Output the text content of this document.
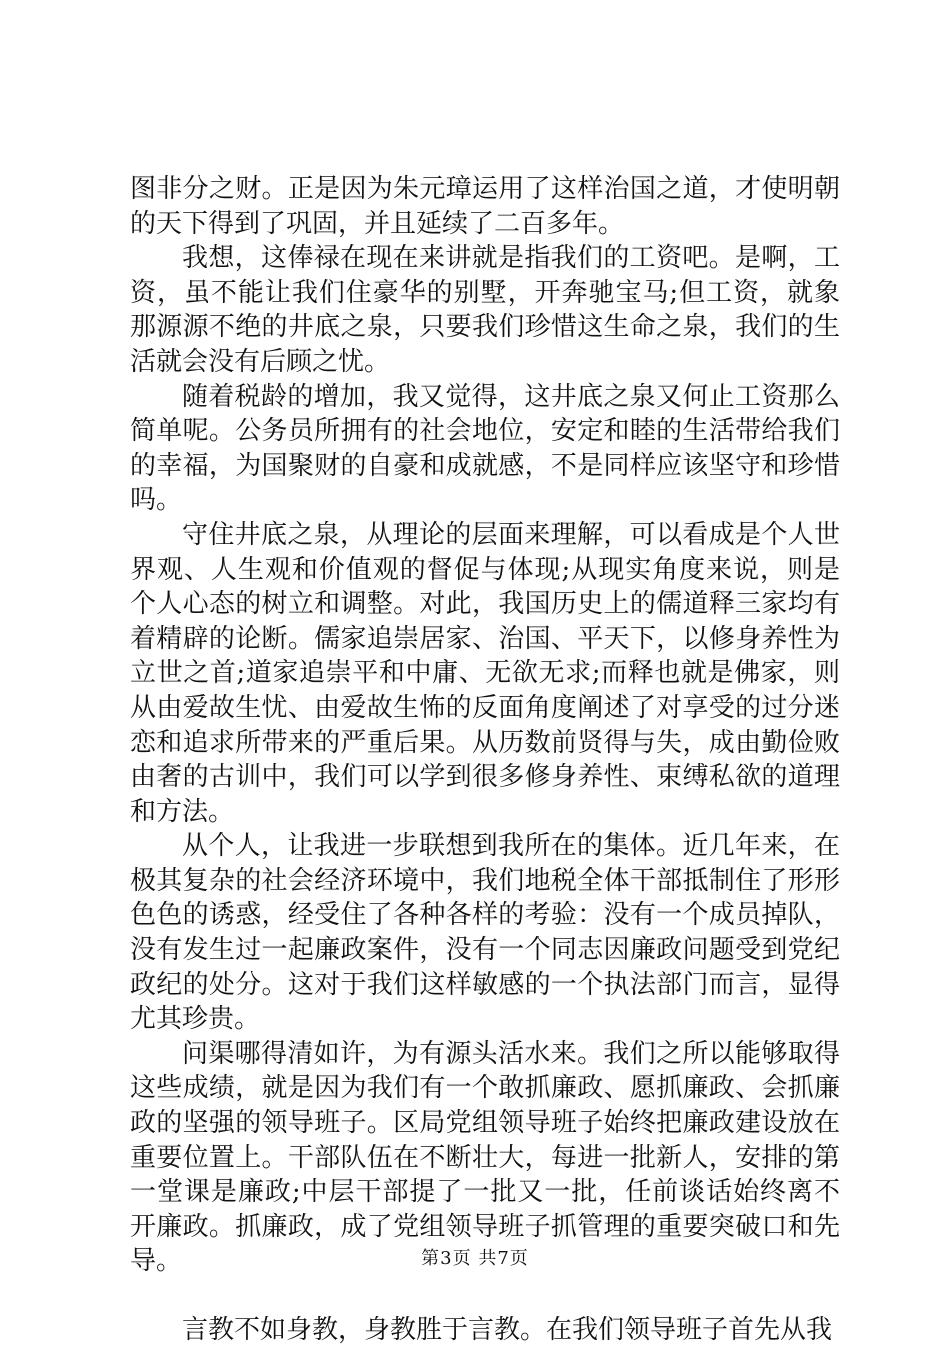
图非分之财。正是因为朱元璋运用了这样治国之道，才使明朝的天下得到了巩固，并且延续了二百多年。

我想，这俸禄在现在来讲就是指我们的工资吧。是啊，工资，虽不能让我们住豪华的别墅，开奔驰宝马;但工资，就象那源源不绝的井底之泉，只要我们珍惜这生命之泉，我们的生活就会没有后顾之忧。

随着税龄的增加，我又觉得，这井底之泉又何止工资那么简单呢。公务员所拥有的社会地位，安定和睦的生活带给我们的幸福，为国聚财的自豪和成就感，不是同样应该坚守和珍惜吗。

守住井底之泉，从理论的层面来理解，可以看成是个人世界观、人生观和价值观的督促与体现;从现实角度来说，则是个人心态的树立和调整。对此，我国历史上的儒道释三家均有着精辟的论断。儒家追崇居家、治国、平天下，以修身养性为立世之首;道家追崇平和中庸、无欲无求;而释也就是佛家，则从由爱故生忧、由爱故生怖的反面角度阐述了对享受的过分迷恋和追求所带来的严重后果。从历数前贤得与失，成由勤俭败由奢的古训中，我们可以学到很多修身养性、束缚私欲的道理和方法。

从个人，让我进一步联想到我所在的集体。近几年来，在极其复杂的社会经济环境中，我们地税全体干部抵制住了形形色色的诱惑，经受住了各种各样的考验：没有一个成员掉队，没有发生过一起廉政案件，没有一个同志因廉政问题受到党纪政纪的处分。这对于我们这样敏感的一个执法部门而言，显得尤其珍贵。

问渠哪得清如许，为有源头活水来。我们之所以能够取得这些成绩，就是因为我们有一个敢抓廉政、愿抓廉政、会抓廉政的坚强的领导班子。区局党组领导班子始终把廉政建设放在重要位置上。干部队伍在不断壮大，每进一批新人，安排的第一堂课是廉政;中层干部提了一批又一批，任前谈话始终离不开廉政。抓廉政，成了党组领导班子抓管理的重要突破口和先导。

言教不如身教，身教胜于言教。在我们领导班子首先从我

第3页 共7页
